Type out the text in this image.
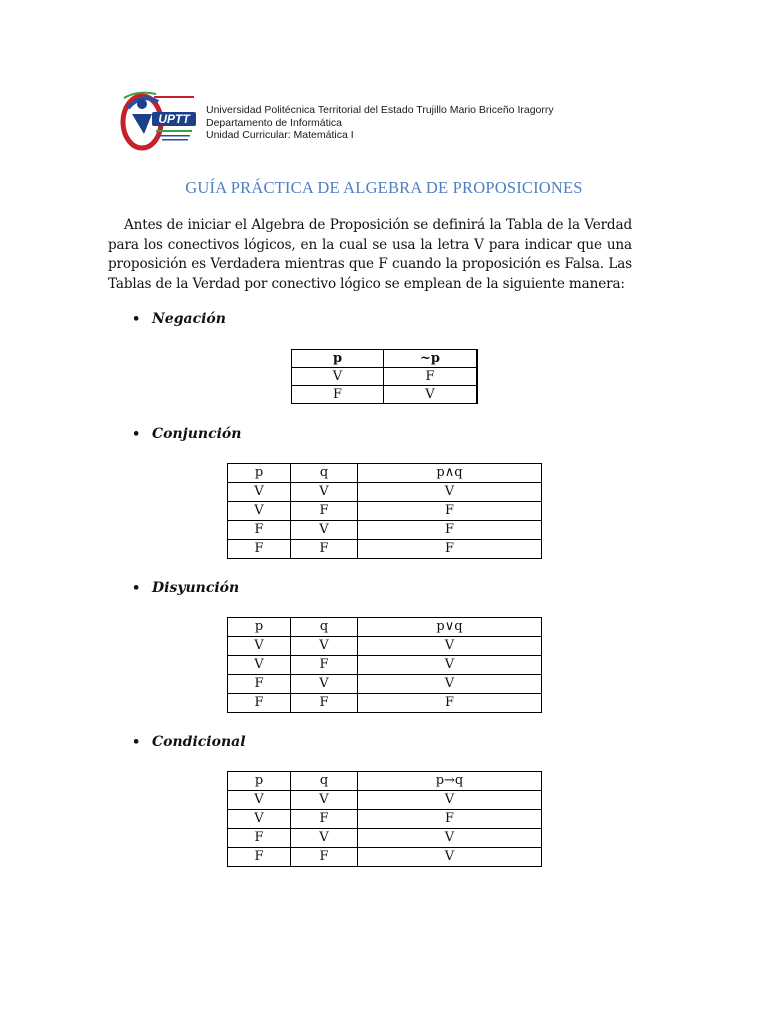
UPTT
Universidad Politécnica Territorial del Estado Trujillo Mario Briceño Iragorry
Departamento de Informática
Unidad Curricular: Matemática I
GUÍA PRÁCTICA DE ALGEBRA DE PROPOSICIONES

Antes de iniciar el Algebra de Proposición se definirá la Tabla de la Verdad para los conectivos lógicos, en la cual se usa la letra V para indicar que una proposición es Verdadera mientras que F cuando la proposición es Falsa. Las Tablas de la Verdad por conectivo lógico se emplean de la siguiente manera:

• Negación
p	~p
V	F
F	V
• Conjunción
p	q	p∧q
V	V	V
V	F	F
F	V	F
F	F	F
• Disyunción
p	q	p∨q
V	V	V
V	F	V
F	V	V
F	F	F
• Condicional
p	q	p→q
V	V	V
V	F	F
F	V	V
F	F	V
